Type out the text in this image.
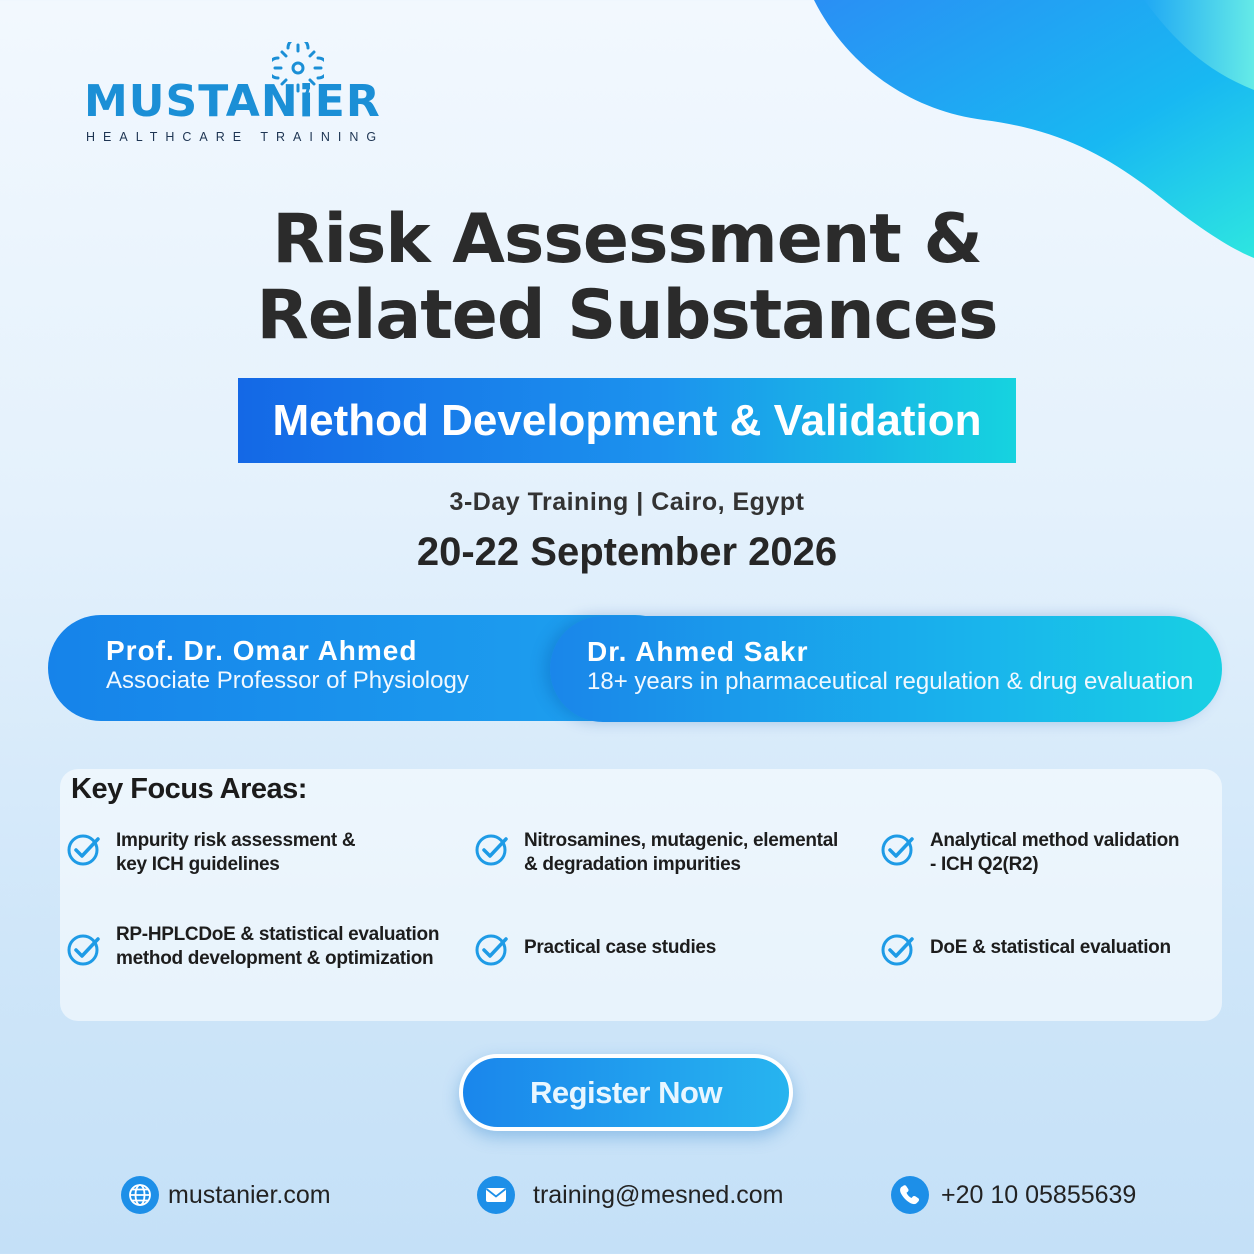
MUSTANiER
HEALTHCARE TRAINING
Risk Assessment &
Related Substances
Method Development & Validation
3-Day Training | Cairo, Egypt
20-22 September 2026
Prof. Dr. Omar Ahmed
Associate Professor of Physiology
Dr. Ahmed Sakr
18+ years in pharmaceutical regulation & drug evaluation
Key Focus Areas:
Impurity risk assessment &
key ICH guidelines
Nitrosamines, mutagenic, elemental
& degradation impurities
Analytical method validation
- ICH Q2(R2)
RP-HPLCDoE & statistical evaluation
method development & optimization
Practical case studies	DoE & statistical evaluation
Register Now
mustanier.com	training@mesned.com	+20 10 05855639
